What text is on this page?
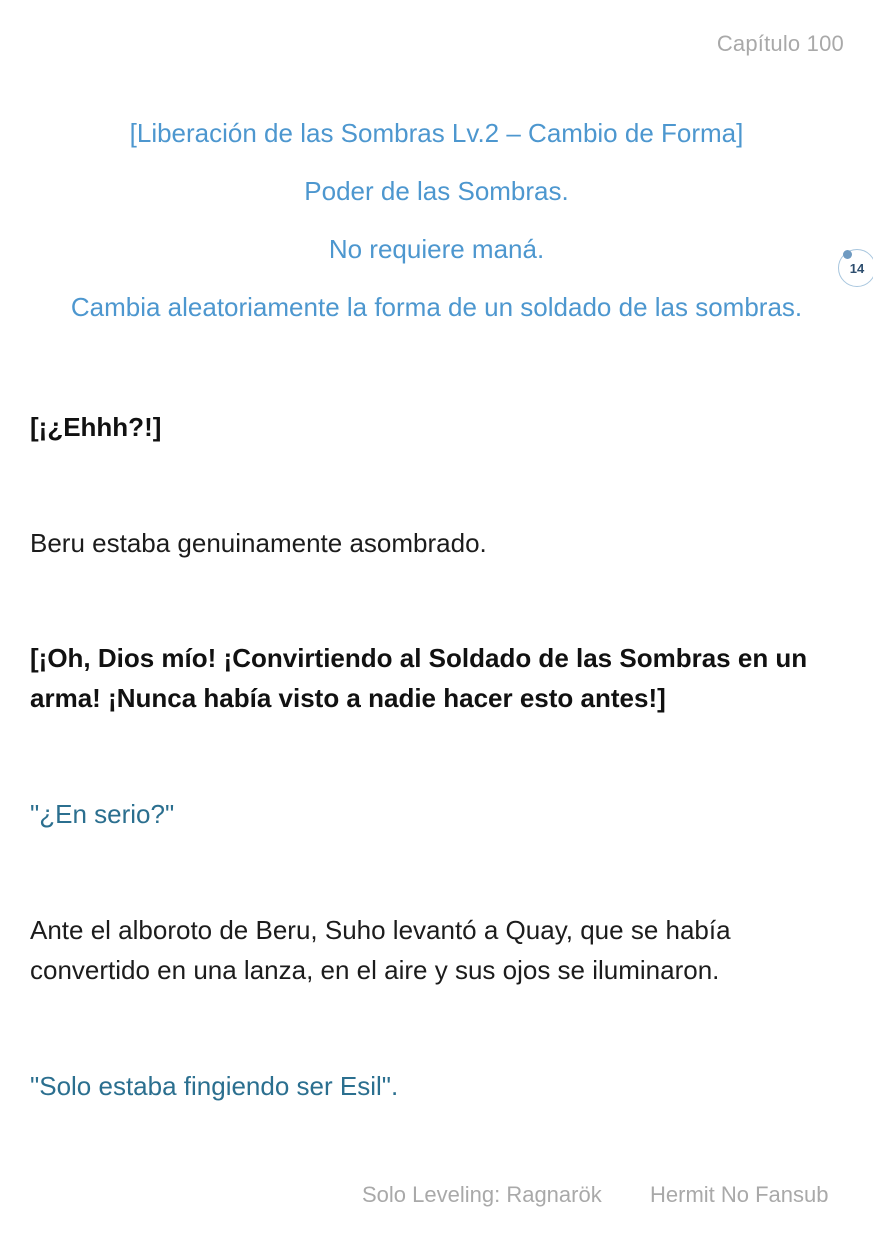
Capítulo 100
[Liberación de las Sombras Lv.2 – Cambio de Forma]
Poder de las Sombras.
No requiere maná.
Cambia aleatoriamente la forma de un soldado de las sombras.
14
[¡¿Ehhh?!]
Beru estaba genuinamente asombrado.
[¡Oh, Dios mío! ¡Convirtiendo al Soldado de las Sombras en un arma! ¡Nunca había visto a nadie hacer esto antes!]
"¿En serio?"
Ante el alboroto de Beru, Suho levantó a Quay, que se había convertido en una lanza, en el aire y sus ojos se iluminaron.
"Solo estaba fingiendo ser Esil".
Solo Leveling: Ragnarök Hermit No Fansub
